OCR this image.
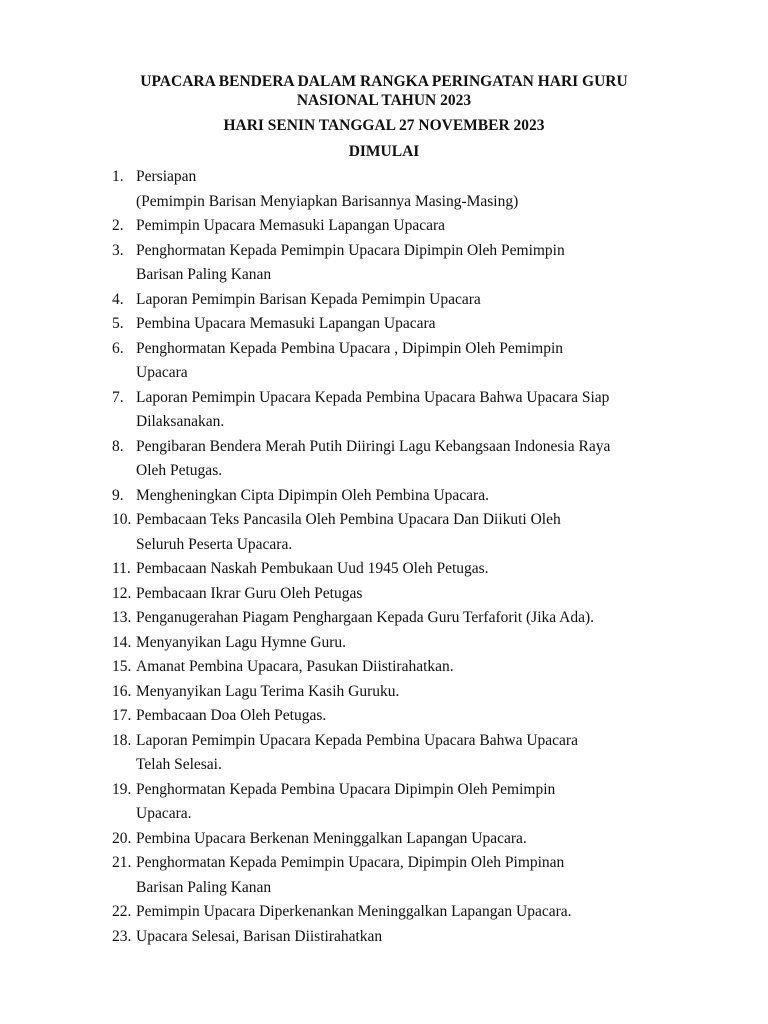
UPACARA BENDERA DALAM RANGKA PERINGATAN HARI GURU
NASIONAL TAHUN 2023
HARI SENIN TANGGAL 27 NOVEMBER 2023
DIMULAI
1. Persiapan
(Pemimpin Barisan Menyiapkan Barisannya Masing-Masing)
2. Pemimpin Upacara Memasuki Lapangan Upacara
3. Penghormatan Kepada Pemimpin Upacara Dipimpin Oleh Pemimpin
Barisan Paling Kanan
4. Laporan Pemimpin Barisan Kepada Pemimpin Upacara
5. Pembina Upacara Memasuki Lapangan Upacara
6. Penghormatan Kepada Pembina Upacara , Dipimpin Oleh Pemimpin
Upacara
7. Laporan Pemimpin Upacara Kepada Pembina Upacara Bahwa Upacara Siap
Dilaksanakan.
8. Pengibaran Bendera Merah Putih Diiringi Lagu Kebangsaan Indonesia Raya
Oleh Petugas.
9. Mengheningkan Cipta Dipimpin Oleh Pembina Upacara.
10. Pembacaan Teks Pancasila Oleh Pembina Upacara Dan Diikuti Oleh
Seluruh Peserta Upacara.
11. Pembacaan Naskah Pembukaan Uud 1945 Oleh Petugas.
12. Pembacaan Ikrar Guru Oleh Petugas
13. Penganugerahan Piagam Penghargaan Kepada Guru Terfaforit (Jika Ada).
14. Menyanyikan Lagu Hymne Guru.
15. Amanat Pembina Upacara, Pasukan Diistirahatkan.
16. Menyanyikan Lagu Terima Kasih Guruku.
17. Pembacaan Doa Oleh Petugas.
18. Laporan Pemimpin Upacara Kepada Pembina Upacara Bahwa Upacara
Telah Selesai.
19. Penghormatan Kepada Pembina Upacara Dipimpin Oleh Pemimpin
Upacara.
20. Pembina Upacara Berkenan Meninggalkan Lapangan Upacara.
21. Penghormatan Kepada Pemimpin Upacara, Dipimpin Oleh Pimpinan
Barisan Paling Kanan
22. Pemimpin Upacara Diperkenankan Meninggalkan Lapangan Upacara.
23. Upacara Selesai, Barisan Diistirahatkan
